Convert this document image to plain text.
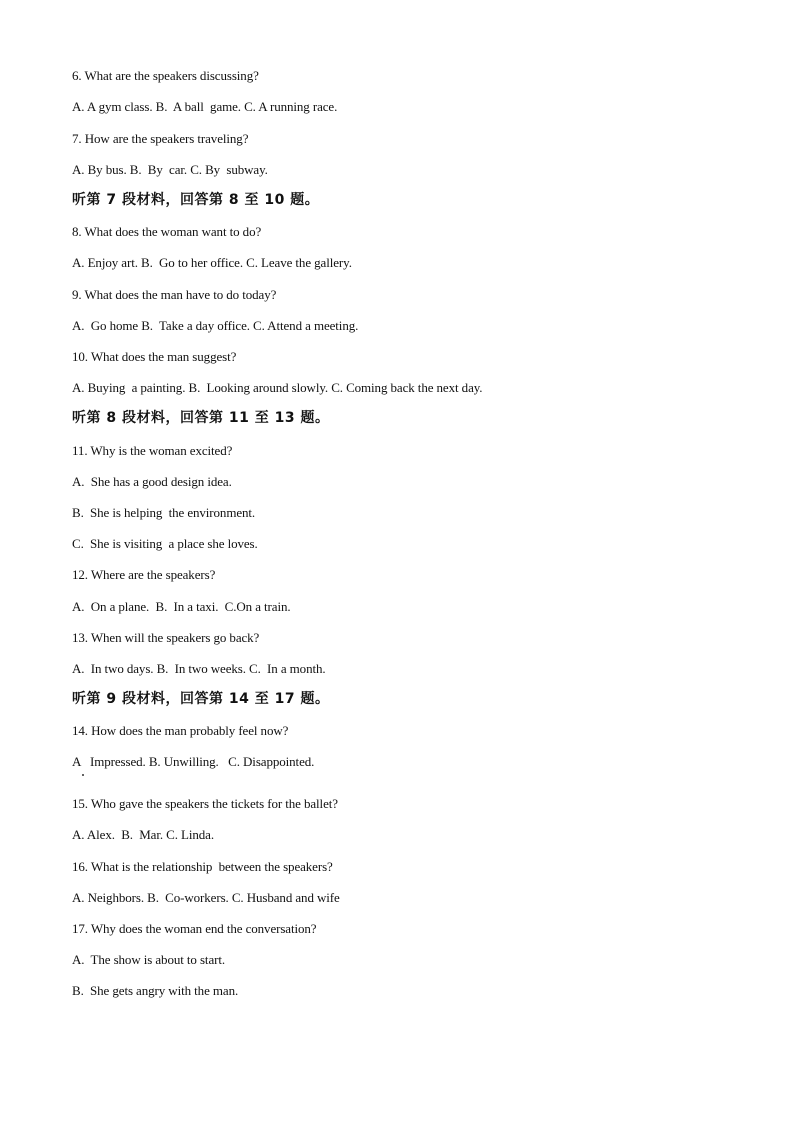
6. What are the speakers discussing?
A. A gym class. B.  A ball  game. C. A running race.
7. How are the speakers traveling?
A. By bus. B.  By  car. C. By  subway.
听第 7 段材料，回答第 8 至 10 题。
8. What does the woman want to do?
A. Enjoy art. B.  Go to her office. C. Leave the gallery.
9. What does the man have to do today?
A.  Go home B.  Take a day office. C. Attend a meeting.
10. What does the man suggest?
A. Buying  a painting. B.  Looking around slowly. C. Coming back the next day.
听第 8 段材料，回答第 11 至 13 题。
11. Why is the woman excited?
A.  She has a good design idea.
B.  She is helping  the environment.
C.  She is visiting  a place she loves.
12. Where are the speakers?
A.  On a plane.  B.  In a taxi.  C.On a train.
13. When will the speakers go back?
A.  In two days. B.  In two weeks. C.  In a month.
听第 9 段材料，回答第 14 至 17 题。
14. How does the man probably feel now?
A   Impressed. B. Unwilling.   C. Disappointed.
15. Who gave the speakers the tickets for the ballet?
A. Alex.  B.  Mar. C. Linda.
16. What is the relationship  between the speakers?
A. Neighbors. B.  Co-workers. C. Husband and wife
17. Why does the woman end the conversation?
A.  The show is about to start.
B.  She gets angry with the man.
